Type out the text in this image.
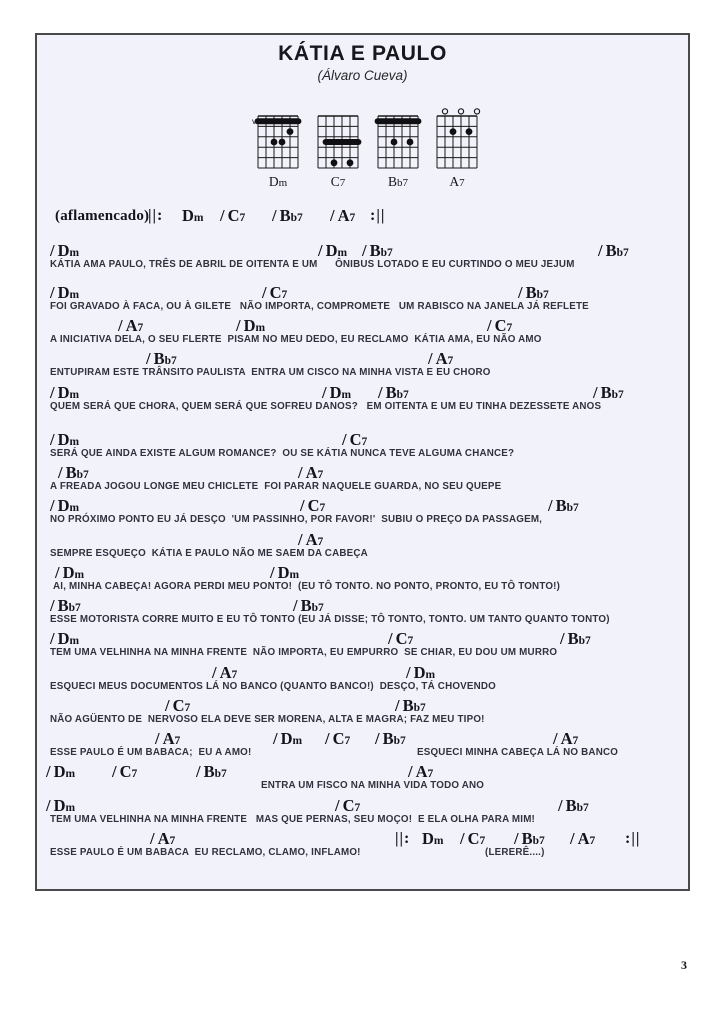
KÁTIA E PAULO
(Álvaro Cueva)
v
Dm	C7	Bb7	A7
(aflamencado)
||: Dm / C7 / Bb7 / A7 :||
/ Dm	/ Dm / Bb7	/ Bb7
KÁTIA AMA PAULO, TRÊS DE ABRIL DE OITENTA E UM      ÔNIBUS LOTADO E EU CURTINDO O MEU JEJUM
/ Dm	/ C7	/ Bb7
FOI GRAVADO À FACA, OU À GILETE   NÃO IMPORTA, COMPROMETE   UM RABISCO NA JANELA JÁ REFLETE
/ A7	/ Dm	/ C7
A INICIATIVA DELA, O SEU FLERTE  PISAM NO MEU DEDO, EU RECLAMO  KÁTIA AMA, EU NÃO AMO
/ Bb7	/ A7
ENTUPIRAM ESTE TRÂNSITO PAULISTA  ENTRA UM CISCO NA MINHA VISTA E EU CHORO
/ Dm	/ Dm / Bb7	/ Bb7
QUEM SERÁ QUE CHORA, QUEM SERÁ QUE SOFREU DANOS?   EM OITENTA E UM EU TINHA DEZESSETE ANOS
/ Dm	/ C7
SERÁ QUE AINDA EXISTE ALGUM ROMANCE?  OU SE KÁTIA NUNCA TEVE ALGUMA CHANCE?
/ Bb7	/ A7
A FREADA JOGOU LONGE MEU CHICLETE  FOI PARAR NAQUELE GUARDA, NO SEU QUEPE
/ Dm	/ C7	/ Bb7
NO PRÓXIMO PONTO EU JÁ DESÇO  'UM PASSINHO, POR FAVOR!'  SUBIU O PREÇO DA PASSAGEM,
/ A7
SEMPRE ESQUEÇO  KÁTIA E PAULO NÃO ME SAEM DA CABEÇA
/ Dm	/ Dm
AI, MINHA CABEÇA! AGORA PERDI MEU PONTO!  (EU TÔ TONTO. NO PONTO, PRONTO, EU TÔ TONTO!)
/ Bb7	/ Bb7
ESSE MOTORISTA CORRE MUITO E EU TÔ TONTO (EU JÁ DISSE; TÔ TONTO, TONTO. UM TANTO QUANTO TONTO)
/ Dm	/ C7	/ Bb7
TEM UMA VELHINHA NA MINHA FRENTE  NÃO IMPORTA, EU EMPURRO  SE CHIAR, EU DOU UM MURRO
/ A7	/ Dm
ESQUECI MEUS DOCUMENTOS LÁ NO BANCO (QUANTO BANCO!)  DESÇO, TÁ CHOVENDO
/ C7	/ Bb7
NÃO AGÜENTO DE  NERVOSO ELA DEVE SER MORENA, ALTA E MAGRA; FAZ MEU TIPO!
/ A7	/ Dm / C7 / Bb7	/ A7
ESSE PAULO É UM BABACA;  EU A AMO!	ESQUECI MINHA CABEÇA LÁ NO BANCO
/ Dm / C7	/ Bb7	/ A7
ENTRA UM FISCO NA MINHA VIDA TODO ANO
/ Dm	/ C7	/ Bb7
TEM UMA VELHINHA NA MINHA FRENTE   MAS QUE PERNAS, SEU MOÇO!  E ELA OLHA PARA MIM!
/ A7	||: Dm / C7 / Bb7 / A7 :||
ESSE PAULO É UM BABACA  EU RECLAMO, CLAMO, INFLAMO!	(LERERÊ....)
3
